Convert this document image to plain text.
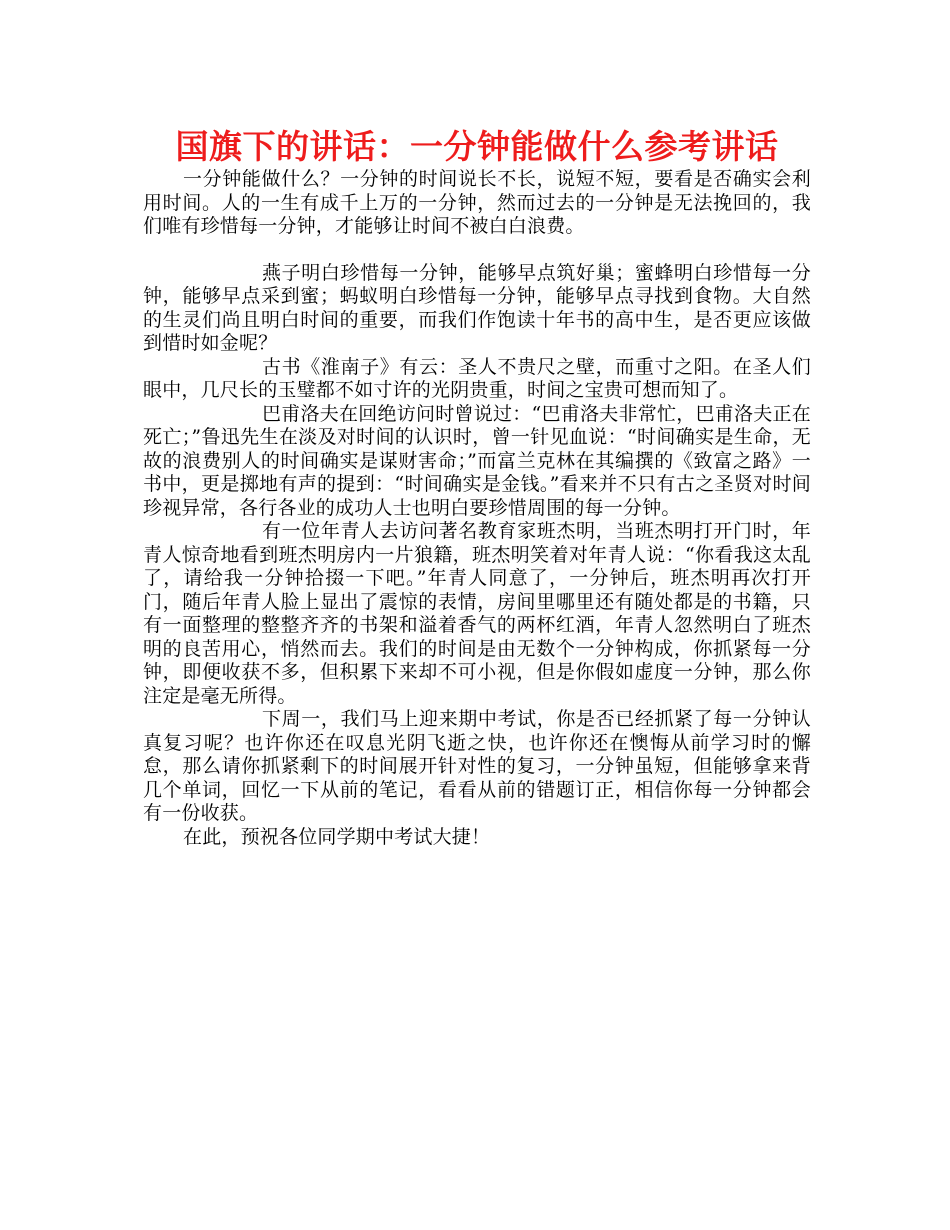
国旗下的讲话：一分钟能做什么参考讲话

一分钟能做什么？一分钟的时间说长不长，说短不短，要看是否确实会利用时间。人的一生有成千上万的一分钟，然而过去的一分钟是无法挽回的，我们唯有珍惜每一分钟，才能够让时间不被白白浪费。

燕子明白珍惜每一分钟，能够早点筑好巢；蜜蜂明白珍惜每一分钟，能够早点采到蜜；蚂蚁明白珍惜每一分钟，能够早点寻找到食物。大自然的生灵们尚且明白时间的重要，而我们作饱读十年书的高中生，是否更应该做到惜时如金呢？

古书《淮南子》有云：圣人不贵尺之壁，而重寸之阳。在圣人们眼中，几尺长的玉璧都不如寸许的光阴贵重，时间之宝贵可想而知了。

巴甫洛夫在回绝访问时曾说过：“巴甫洛夫非常忙，巴甫洛夫正在死亡；”鲁迅先生在淡及对时间的认识时，曾一针见血说：“时间确实是生命，无故的浪费别人的时间确实是谋财害命；”而富兰克林在其编撰的《致富之路》一书中，更是掷地有声的提到：“时间确实是金钱。”看来并不只有古之圣贤对时间珍视异常，各行各业的成功人士也明白要珍惜周围的每一分钟。

有一位年青人去访问著名教育家班杰明，当班杰明打开门时，年青人惊奇地看到班杰明房内一片狼籍，班杰明笑着对年青人说：“你看我这太乱了，请给我一分钟拾掇一下吧。”年青人同意了，一分钟后，班杰明再次打开门，随后年青人脸上显出了震惊的表情，房间里哪里还有随处都是的书籍，只有一面整理的整整齐齐的书架和溢着香气的两杯红酒，年青人忽然明白了班杰明的良苦用心，悄然而去。我们的时间是由无数个一分钟构成，你抓紧每一分钟，即便收获不多，但积累下来却不可小视，但是你假如虚度一分钟，那么你注定是毫无所得。

下周一，我们马上迎来期中考试，你是否已经抓紧了每一分钟认真复习呢？也许你还在叹息光阴飞逝之快，也许你还在懊悔从前学习时的懈怠，那么请你抓紧剩下的时间展开针对性的复习，一分钟虽短，但能够拿来背几个单词，回忆一下从前的笔记，看看从前的错题订正，相信你每一分钟都会有一份收获。

在此，预祝各位同学期中考试大捷！
